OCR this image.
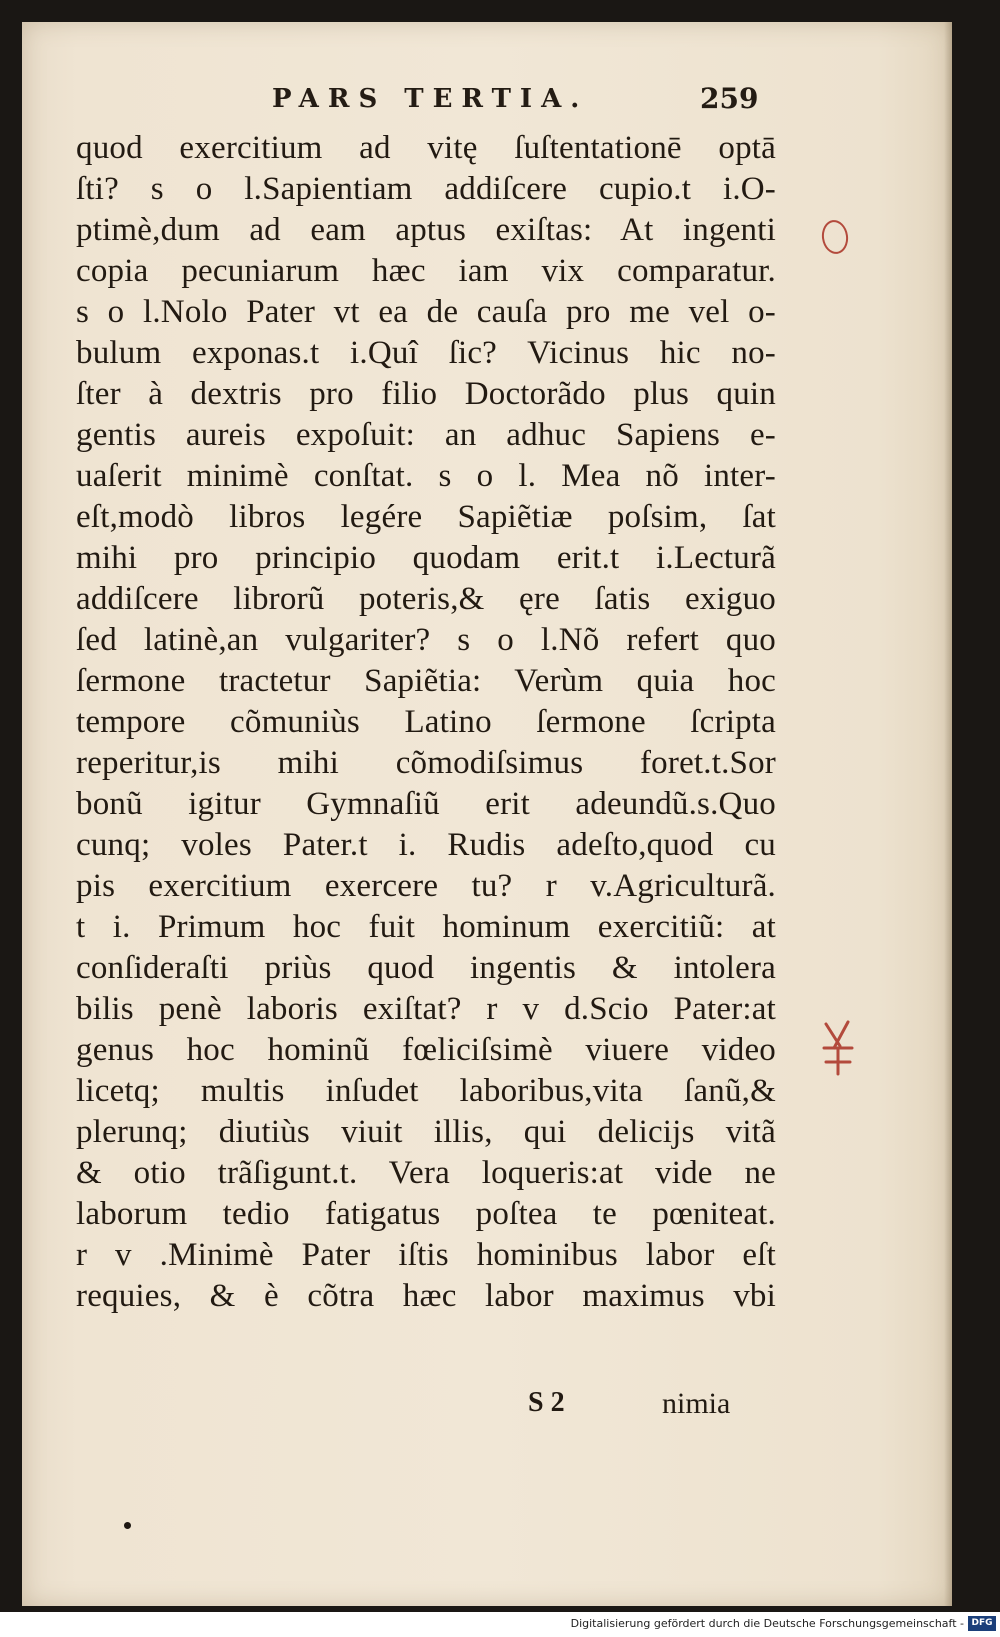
PARS TERTIA.	259
quod exercitium ad vitę ſuſtentationē optā
ſti? s o l.Sapientiam addiſcere cupio.t i.O-
ptimè,dum ad eam aptus exiſtas: At ingenti
copia pecuniarum hæc iam vix comparatur.
s o l.Nolo Pater vt ea de cauſa pro me vel o-
bulum exponas.t i.Quî ſic? Vicinus hic no-
ſter à dextris pro filio Doctorãdo plus quin
gentis aureis expoſuit: an adhuc Sapiens e-
uaſerit minimè conſtat. s o l. Mea nõ inter-
eſt,modò libros legére Sapiẽtiæ poſsim, ſat
mihi pro principio quodam erit.t i.Lecturã
addiſcere librorũ poteris,& ęre ſatis exiguo
ſed latinè,an vulgariter? s o l.Nõ refert quo
ſermone tractetur Sapiẽtia: Verùm quia hoc
tempore cõmuniùs Latino ſermone ſcripta
reperitur,is mihi cõmodiſsimus foret.t.Sor
bonũ igitur Gymnaſiũ erit adeundũ.s.Quo
cunq; voles Pater.t i. Rudis adeſto,quod cu
pis exercitium exercere tu? r v.Agriculturã.
t i. Primum hoc fuit hominum exercitiũ: at
conſideraſti priùs quod ingentis & intolera
bilis penè laboris exiſtat? r v d.Scio Pater:at
genus hoc hominũ fœliciſsimè viuere video
licetq; multis inſudet laboribus,vita ſanũ,&
plerunq; diutiùs viuit illis, qui delicijs vitã
& otio trãſigunt.t. Vera loqueris:at vide ne
laborum tedio fatigatus poſtea te pœniteat.
r v .Minimè Pater iſtis hominibus labor eſt
requies, & è cõtra hæc labor maximus vbi
S 2	nimia
Digitalisierung gefördert durch die Deutsche Forschungsgemeinschaft - DFG
